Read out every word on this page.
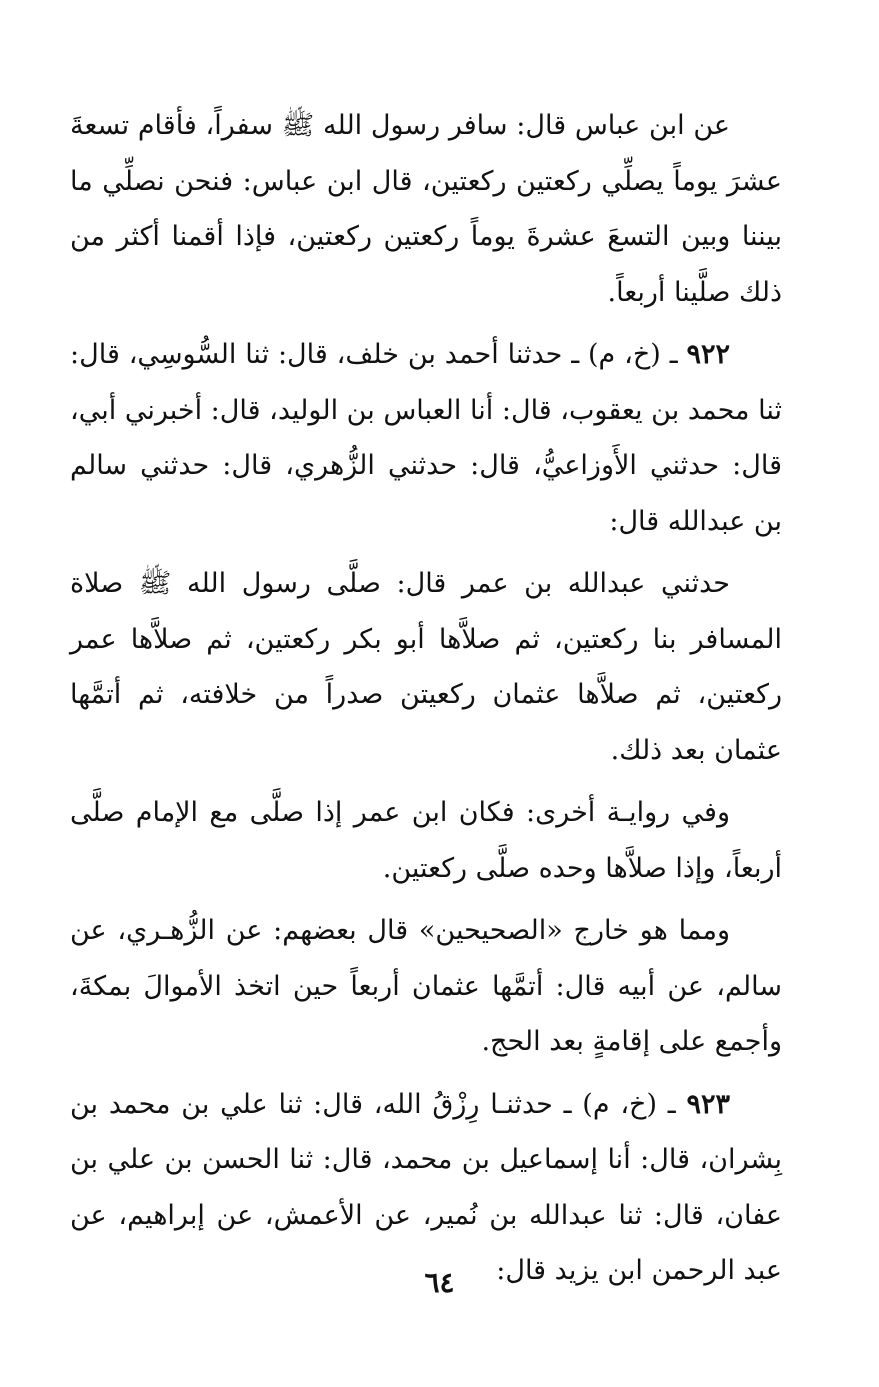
عن ابن عباس قال: سافر رسول الله ﷺ سفراً، فأقام تسعةَ عشرَ يوماً يصلِّي ركعتين ركعتين، قال ابن عباس: فنحن نصلِّي ما بيننا وبين التسعَ عشرةَ يوماً ركعتين ركعتين، فإذا أقمنا أكثر من ذلك صلَّينا أربعاً.

٩٢٢ ـ (خ، م) ـ حدثنا أحمد بن خلف، قال: ثنا السُّوسِي، قال: ثنا محمد بن يعقوب، قال: أنا العباس بن الوليد، قال: أخبرني أبي، قال: حدثني الأَوزاعيُّ، قال: حدثني الزُّهري، قال: حدثني سالم بن عبدالله قال:

حدثني عبدالله بن عمر قال: صلَّى رسول الله ﷺ صلاة المسافر بنا ركعتين، ثم صلاَّها أبو بكر ركعتين، ثم صلاَّها عمر ركعتين، ثم صلاَّها عثمان ركعيتن صدراً من خلافته، ثم أتمَّها عثمان بعد ذلك.

وفي روايـة أخرى: فكان ابن عمر إذا صلَّى مع الإمام صلَّى أربعاً، وإذا صلاَّها وحده صلَّى ركعتين.

ومما هو خارج «الصحيحين» قال بعضهم: عن الزُّهـري، عن سالم، عن أبيه قال: أتمَّها عثمان أربعاً حين اتخذ الأموالَ بمكةَ، وأجمع على إقامةٍ بعد الحج.

٩٢٣ ـ (خ، م) ـ حدثنـا رِزْقُ الله، قال: ثنا علي بن محمد بن بِشران، قال: أنا إسماعيل بن محمد، قال: ثنا الحسن بن علي بن عفان، قال: ثنا عبدالله بن نُمير، عن الأعمش، عن إبراهيم، عن عبد الرحمن ابن يزيد قال:

٦٤
